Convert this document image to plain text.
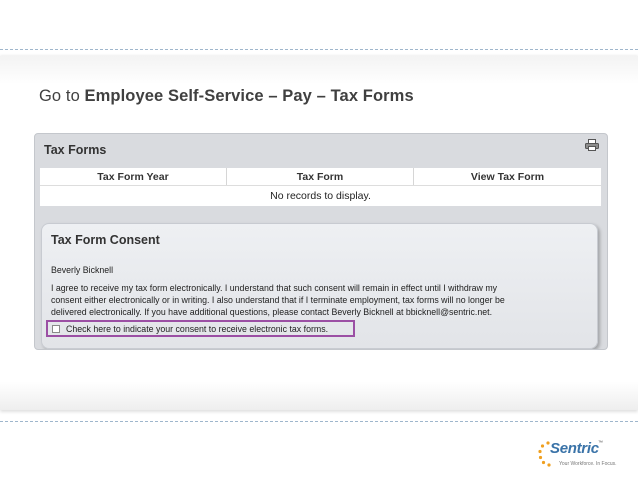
Go to Employee Self-Service – Pay – Tax Forms
Tax Forms
Tax Form Year	Tax Form	View Tax Form
No records to display.
Tax Form Consent
Beverly Bicknell
I agree to receive my tax form electronically. I understand that such consent will remain in effect until I withdraw my
consent either electronically or in writing. I also understand that if I terminate employment, tax forms will no longer be
delivered electronically. If you have additional questions, please contact Beverly Bicknell at bbicknell@sentric.net.
Check here to indicate your consent to receive electronic tax forms.
Sentric ™
Your Workforce. In Focus.
